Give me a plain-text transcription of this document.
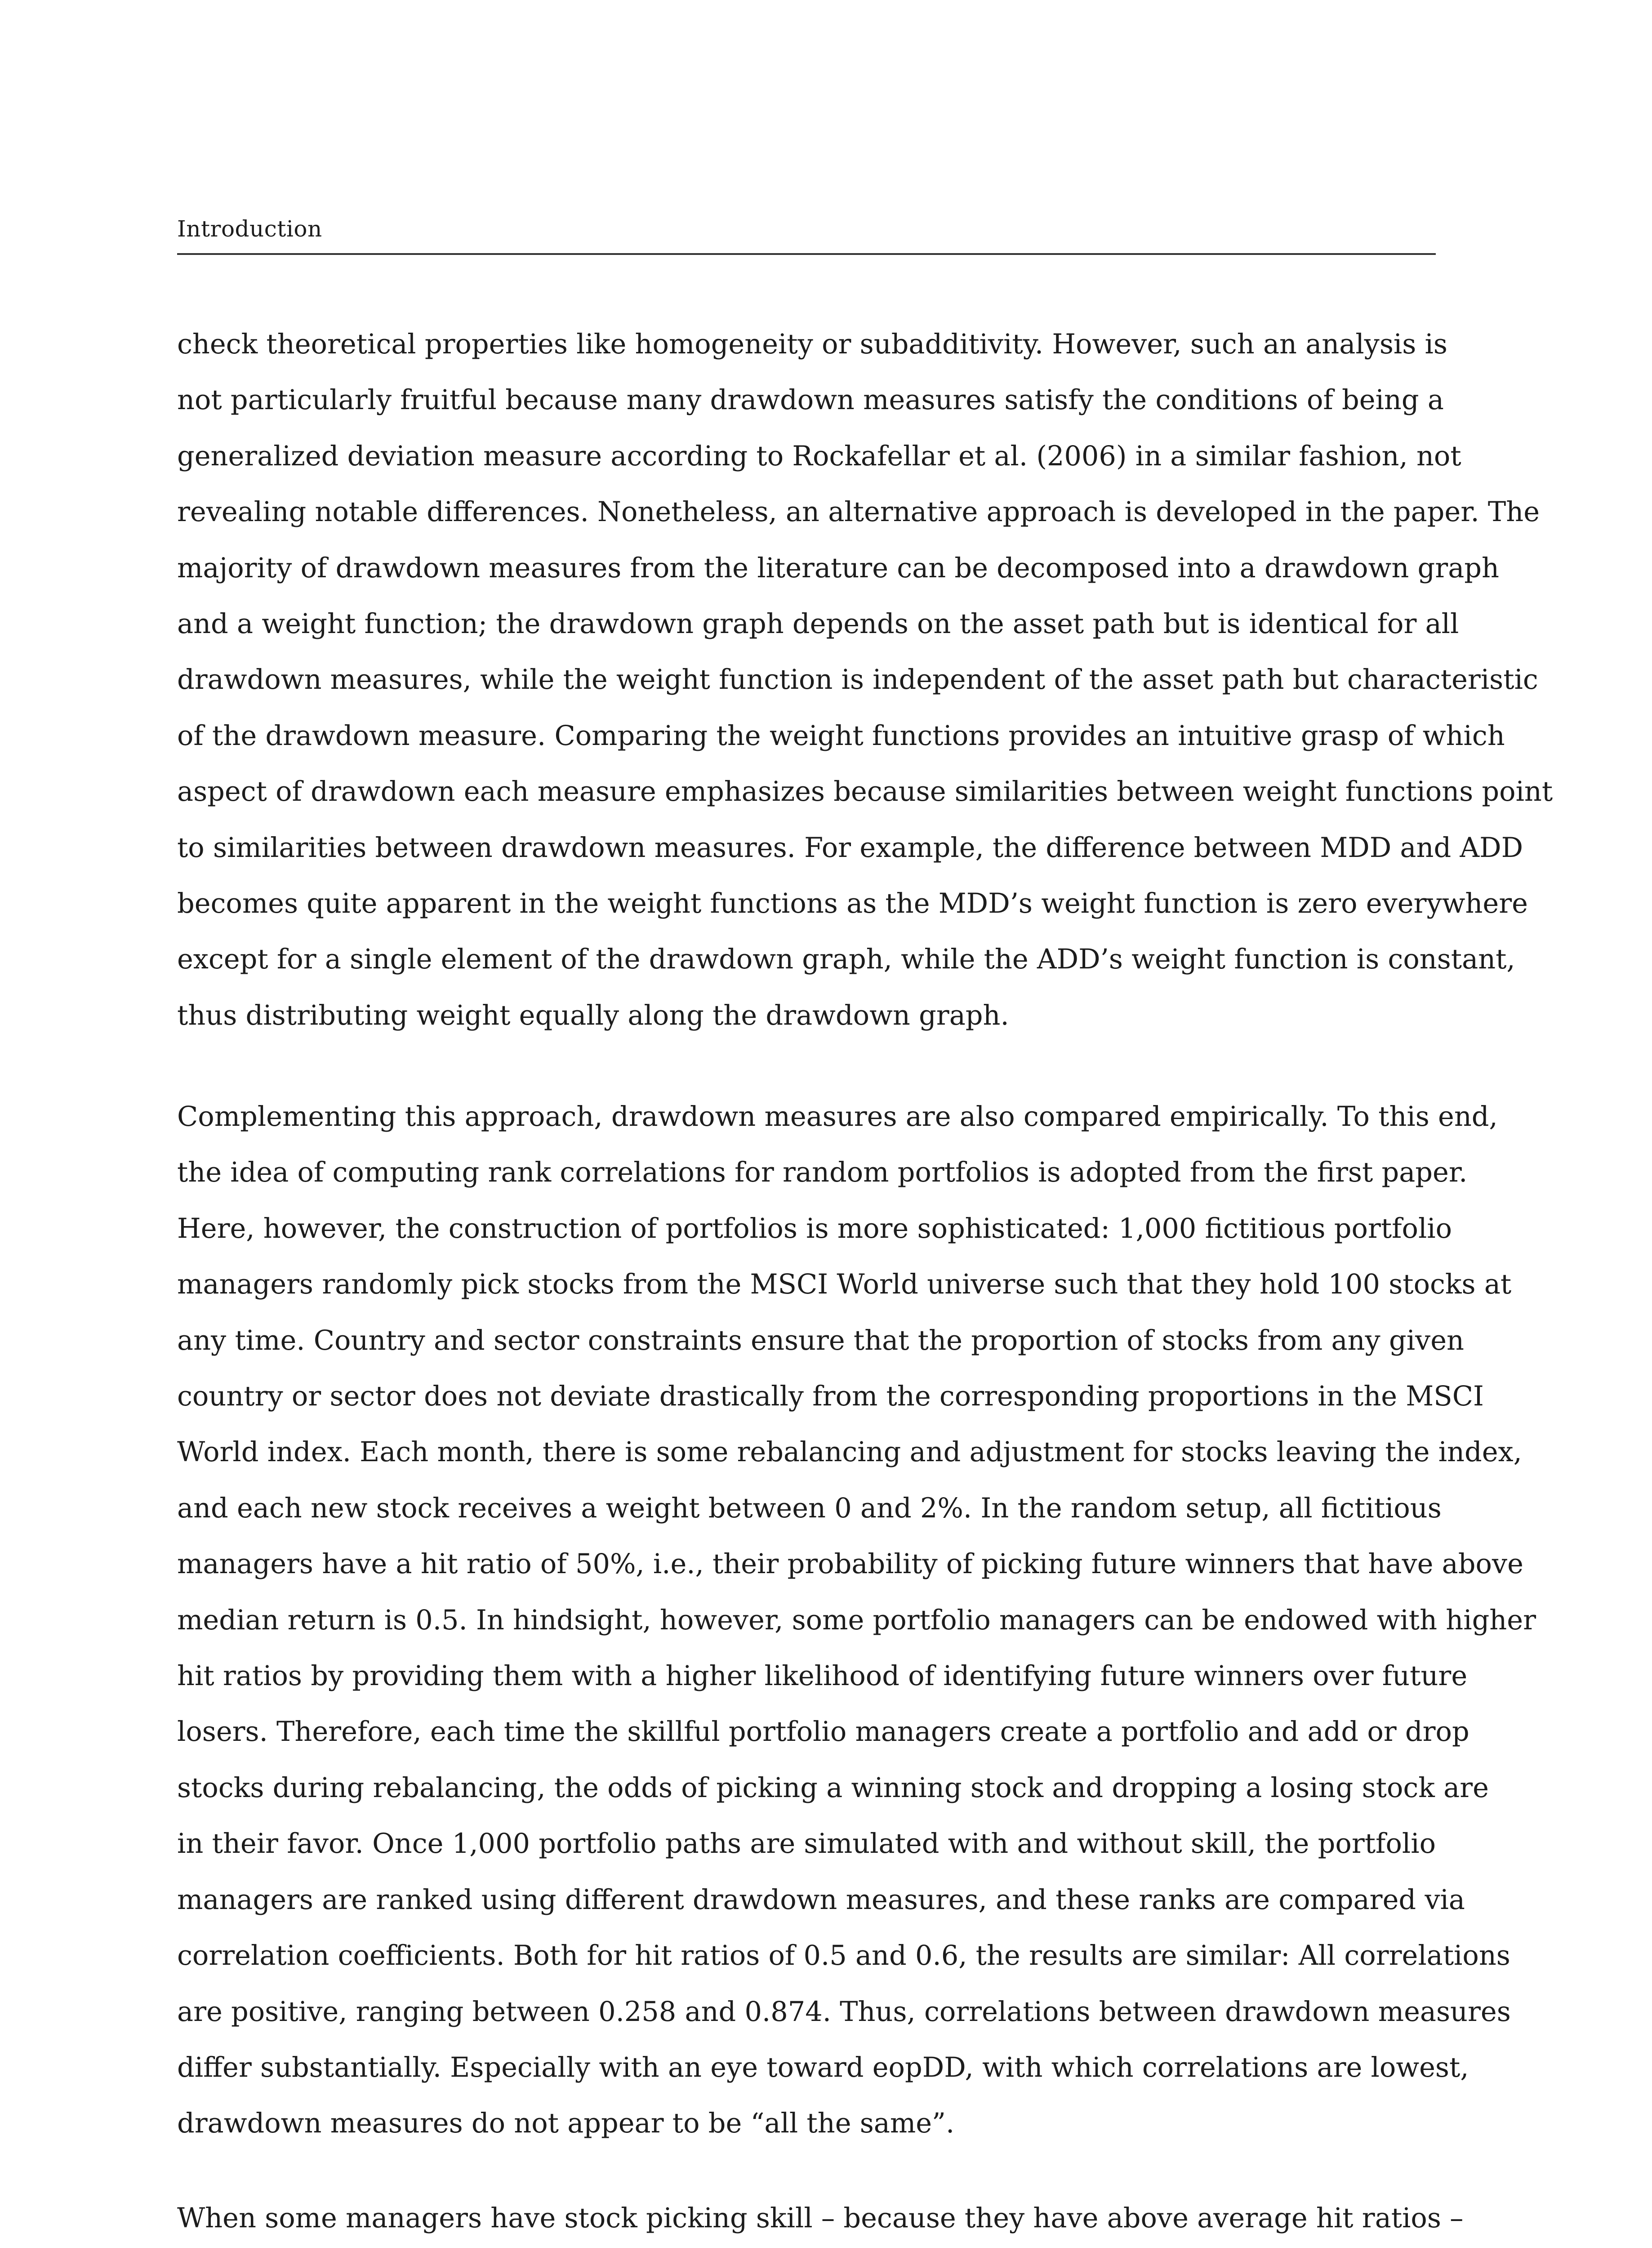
Introduction
check theoretical properties like homogeneity or subadditivity. However, such an analysis is
not particularly fruitful because many drawdown measures satisfy the conditions of being a
generalized deviation measure according to Rockafellar et al. (2006) in a similar fashion, not
revealing notable differences. Nonetheless, an alternative approach is developed in the paper. The
majority of drawdown measures from the literature can be decomposed into a drawdown graph
and a weight function; the drawdown graph depends on the asset path but is identical for all
drawdown measures, while the weight function is independent of the asset path but characteristic
of the drawdown measure. Comparing the weight functions provides an intuitive grasp of which
aspect of drawdown each measure emphasizes because similarities between weight functions point
to similarities between drawdown measures. For example, the difference between MDD and ADD
becomes quite apparent in the weight functions as the MDD’s weight function is zero everywhere
except for a single element of the drawdown graph, while the ADD’s weight function is constant,
thus distributing weight equally along the drawdown graph.
Complementing this approach, drawdown measures are also compared empirically. To this end,
the idea of computing rank correlations for random portfolios is adopted from the first paper.
Here, however, the construction of portfolios is more sophisticated: 1,000 fictitious portfolio
managers randomly pick stocks from the MSCI World universe such that they hold 100 stocks at
any time. Country and sector constraints ensure that the proportion of stocks from any given
country or sector does not deviate drastically from the corresponding proportions in the MSCI
World index. Each month, there is some rebalancing and adjustment for stocks leaving the index,
and each new stock receives a weight between 0 and 2%. In the random setup, all fictitious
managers have a hit ratio of 50%, i.e., their probability of picking future winners that have above
median return is 0.5. In hindsight, however, some portfolio managers can be endowed with higher
hit ratios by providing them with a higher likelihood of identifying future winners over future
losers. Therefore, each time the skillful portfolio managers create a portfolio and add or drop
stocks during rebalancing, the odds of picking a winning stock and dropping a losing stock are
in their favor. Once 1,000 portfolio paths are simulated with and without skill, the portfolio
managers are ranked using different drawdown measures, and these ranks are compared via
correlation coefficients. Both for hit ratios of 0.5 and 0.6, the results are similar: All correlations
are positive, ranging between 0.258 and 0.874. Thus, correlations between drawdown measures
differ substantially. Especially with an eye toward eopDD, with which correlations are lowest,
drawdown measures do not appear to be “all the same”.
When some managers have stock picking skill – because they have above average hit ratios –
